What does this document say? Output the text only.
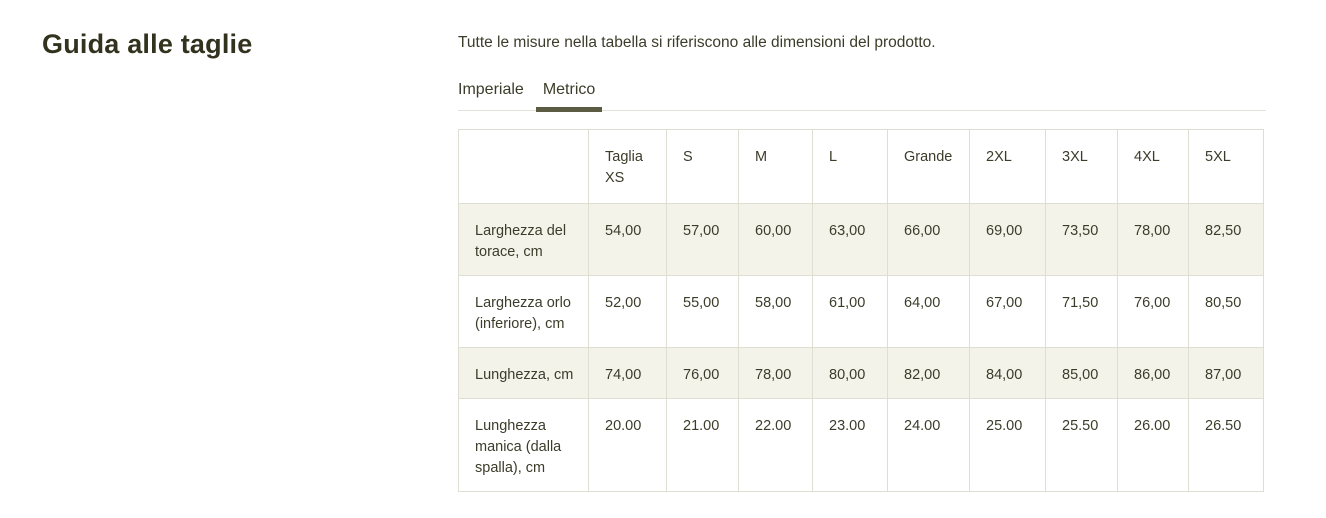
Guida alle taglie	Tutte le misure nella tabella si riferiscono alle dimensioni del prodotto.

Imperiale Metrico
	Taglia XS	S	M	L	Grande	2XL	3XL	4XL	5XL
Larghezza del torace, cm	54,00	57,00	60,00	63,00	66,00	69,00	73,50	78,00	82,50
Larghezza orlo (inferiore), cm	52,00	55,00	58,00	61,00	64,00	67,00	71,50	76,00	80,50
Lunghezza, cm	74,00	76,00	78,00	80,00	82,00	84,00	85,00	86,00	87,00
Lunghezza manica (dalla spalla), cm	20.00	21.00	22.00	23.00	24.00	25.00	25.50	26.00	26.50
